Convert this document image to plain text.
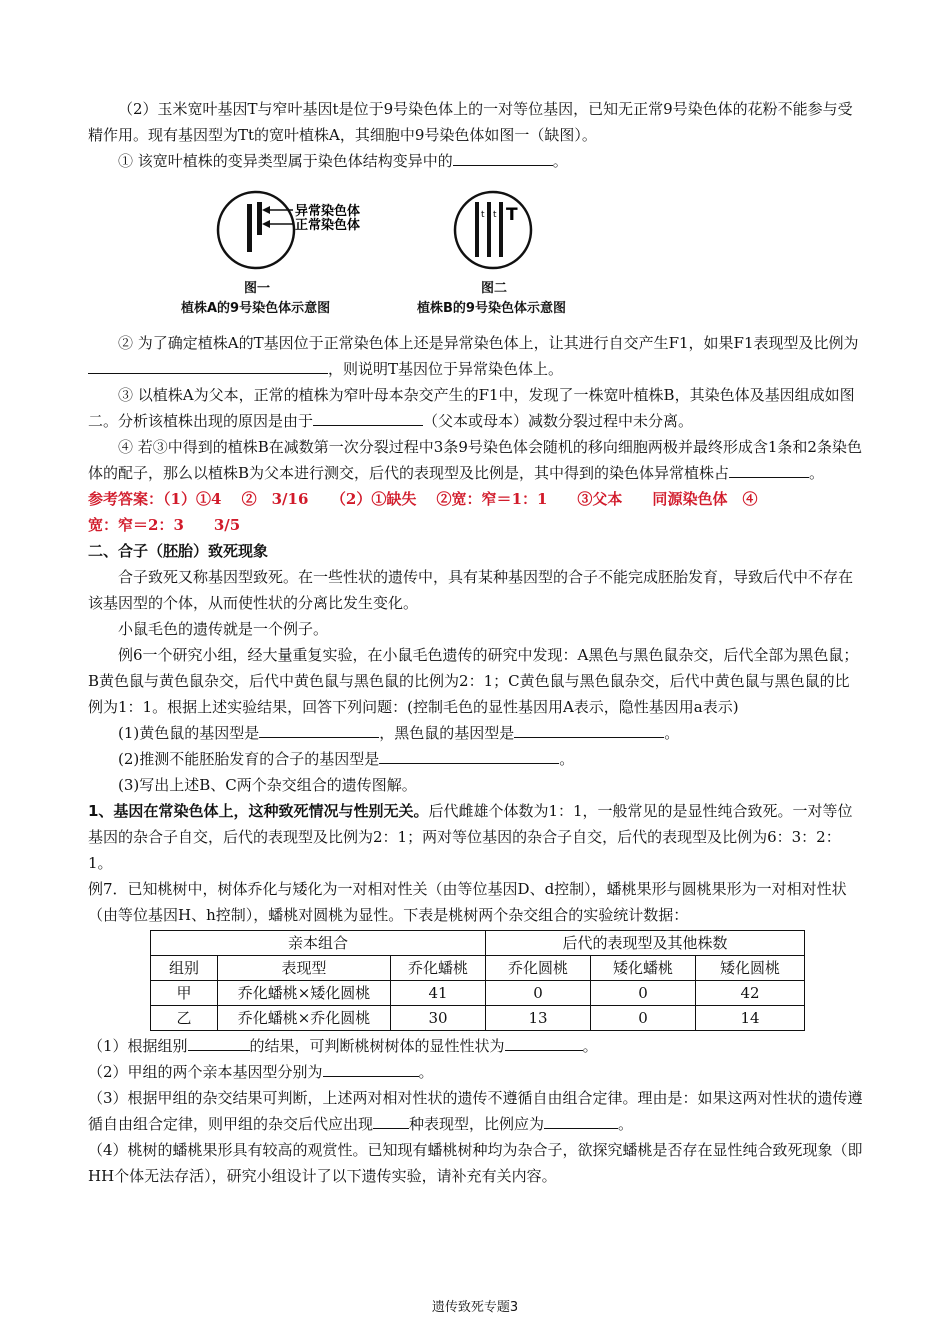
（2）玉米宽叶基因T与窄叶基因t是位于9号染色体上的一对等位基因，已知无正常9号染色体的花粉不能参与受精作用。现有基因型为Tt的宽叶植株A，其细胞中9号染色体如图一（缺图）。

① 该宽叶植株的变异类型属于染色体结构变异中的	。

异常染色体
正常染色体
图一
植株A的9号染色体示意图
t t T
图二
植株B的9号染色体示意图

② 为了确定植株A的T基因位于正常染色体上还是异常染色体上，让其进行自交产生F1，如果F1表现型及比例为，则说明T基因位于异常染色体上。

③ 以植株A为父本，正常的植株为窄叶母本杂交产生的F1中，发现了一株宽叶植株B，其染色体及基因组成如图二。分析该植株出现的原因是由于	（父本或母本）减数分裂过程中未分离。

④ 若③中得到的植株B在减数第一次分裂过程中3条9号染色体会随机的移向细胞两极并最终形成含1条和2条染色体的配子，那么以植株B为父本进行测交，后代的表现型及比例是，其中得到的染色体异常植株占	。

参考答案：（1）①4　 ②　3/16　　（2）①缺失　 ②宽：窄＝1：1　　③父本　　同源染色体　④
宽：窄＝2：3　　3/5

二、合子（胚胎）致死现象

合子致死又称基因型致死。在一些性状的遗传中，具有某种基因型的合子不能完成胚胎发育，导致后代中不存在该基因型的个体，从而使性状的分离比发生变化。

小鼠毛色的遗传就是一个例子。

例6一个研究小组，经大量重复实验，在小鼠毛色遗传的研究中发现：A黑色与黑色鼠杂交，后代全部为黑色鼠；B黄色鼠与黄色鼠杂交，后代中黄色鼠与黑色鼠的比例为2：1；C黄色鼠与黑色鼠杂交，后代中黄色鼠与黑色鼠的比例为1：1。根据上述实验结果，回答下列问题：(控制毛色的显性基因用A表示，隐性基因用a表示)

(1)黄色鼠的基因型是	，黑色鼠的基因型是	。

(2)推测不能胚胎发育的合子的基因型是	。

(3)写出上述B、C两个杂交组合的遗传图解。

1、基因在常染色体上，这种致死情况与性别无关。后代雌雄个体数为1：1，一般常见的是显性纯合致死。一对等位基因的杂合子自交，后代的表现型及比例为2：1；两对等位基因的杂合子自交，后代的表现型及比例为6：3：2：1。

例7．已知桃树中，树体乔化与矮化为一对相对性关（由等位基因D、d控制），蟠桃果形与圆桃果形为一对相对性状（由等位基因H、h控制），蟠桃对圆桃为显性。下表是桃树两个杂交组合的实验统计数据：

亲本组合			后代的表现型及其他株数		
组别	表现型	乔化蟠桃	乔化圆桃	矮化蟠桃	矮化圆桃
甲	乔化蟠桃×矮化圆桃	41	0	0	42
乙	乔化蟠桃×乔化圆桃	30	13	0	14

（1）根据组别	的结果，可判断桃树树体的显性性状为	。

（2）甲组的两个亲本基因型分别为	。

（3）根据甲组的杂交结果可判断，上述两对相对性状的遗传不遵循自由组合定律。理由是：如果这两对性状的遗传遵循自由组合定律，则甲组的杂交后代应出现 种表现型，比例应为	。

（4）桃树的蟠桃果形具有较高的观赏性。已知现有蟠桃树种均为杂合子，欲探究蟠桃是否存在显性纯合致死现象（即HH个体无法存活），研究小组设计了以下遗传实验，请补充有关内容。

遗传致死专题3
